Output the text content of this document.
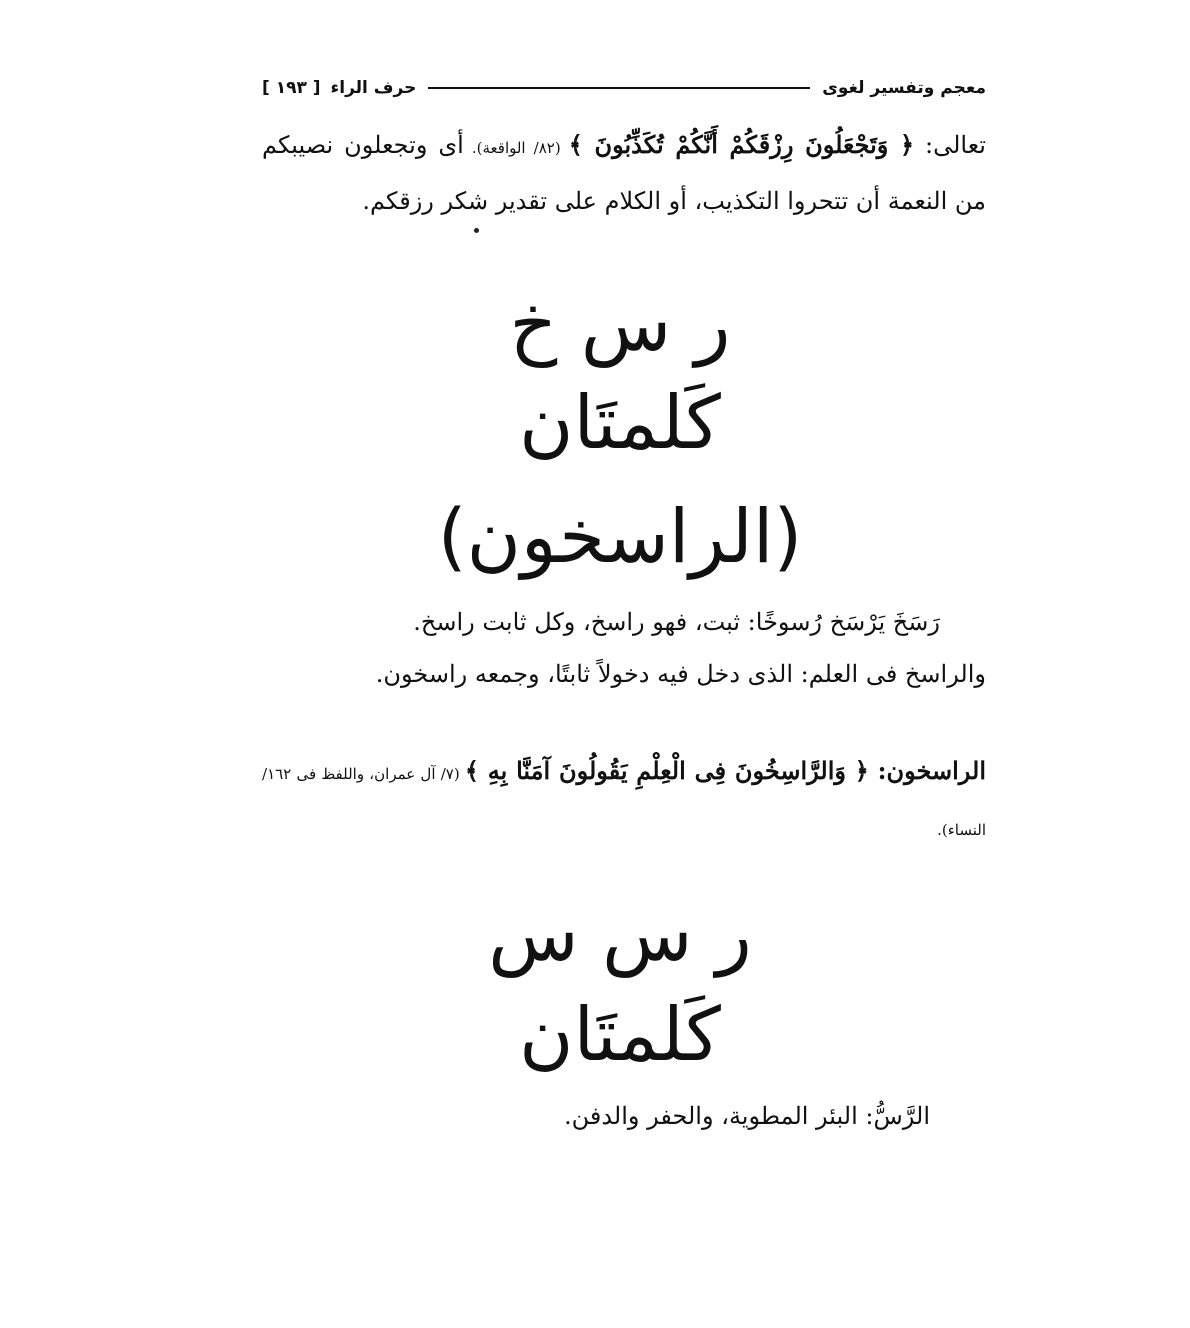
معجم وتفسير لغوى
حرف الراء
[ ١٩٣ ]
تعالى: ﴿ وَتَجْعَلُونَ رِزْقَكُمْ أَنَّكُمْ تُكَذِّبُونَ ﴾ (٨٢/ الواقعة). أى وتجعلون نصيبكم من النعمة أن تتحروا التكذيب، أو الكلام على تقدير شكر رزقكم.
ر س خ
كَلمتَان
(الراسخون)
رَسَخَ يَرْسَخ رُسوخًا: ثبت، فهو راسخ، وكل ثابت راسخ.
والراسخ فى العلم: الذى دخل فيه دخولاً ثابتًا، وجمعه راسخون.
الراسخون: ﴿ وَالرَّاسِخُونَ فِى الْعِلْمِ يَقُولُونَ آمَنَّا بِهِ ﴾ (٧/ آل عمران، واللفظ فى ١٦٢/ النساء).
ر س س
كَلمتَان
الرَّسُّ: البئر المطوية، والحفر والدفن.
